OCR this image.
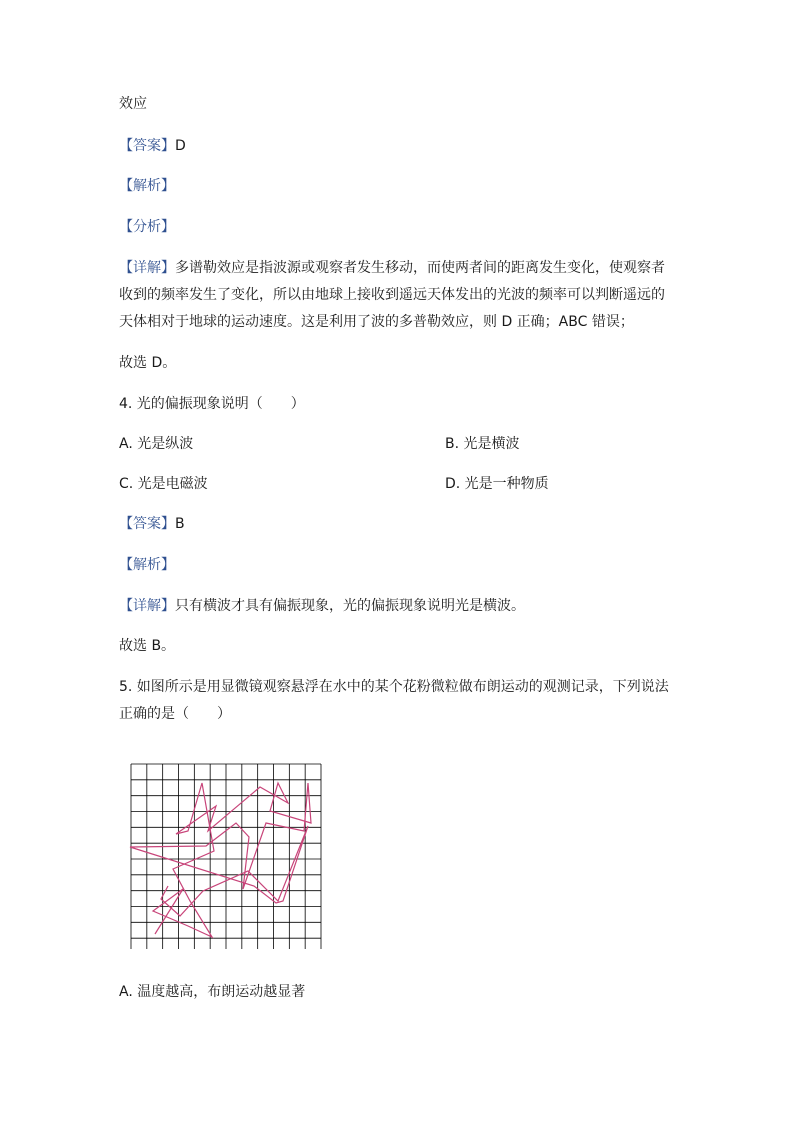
效应
【答案】D
【解析】
【分析】
【详解】多谱勒效应是指波源或观察者发生移动，而使两者间的距离发生变化，使观察者
收到的频率发生了变化，所以由地球上接收到遥远天体发出的光波的频率可以判断遥远的
天体相对于地球的运动速度。这是利用了波的多普勒效应，则 D 正确；ABC 错误；
故选 D。
4. 光的偏振现象说明（　　）
A. 光是纵波	B. 光是横波
C. 光是电磁波	D. 光是一种物质
【答案】B
【解析】
【详解】只有横波才具有偏振现象，光的偏振现象说明光是横波。
故选 B。
5. 如图所示是用显微镜观察悬浮在水中的某个花粉微粒做布朗运动的观测记录，下列说法
正确的是（　　）
A. 温度越高，布朗运动越显著
